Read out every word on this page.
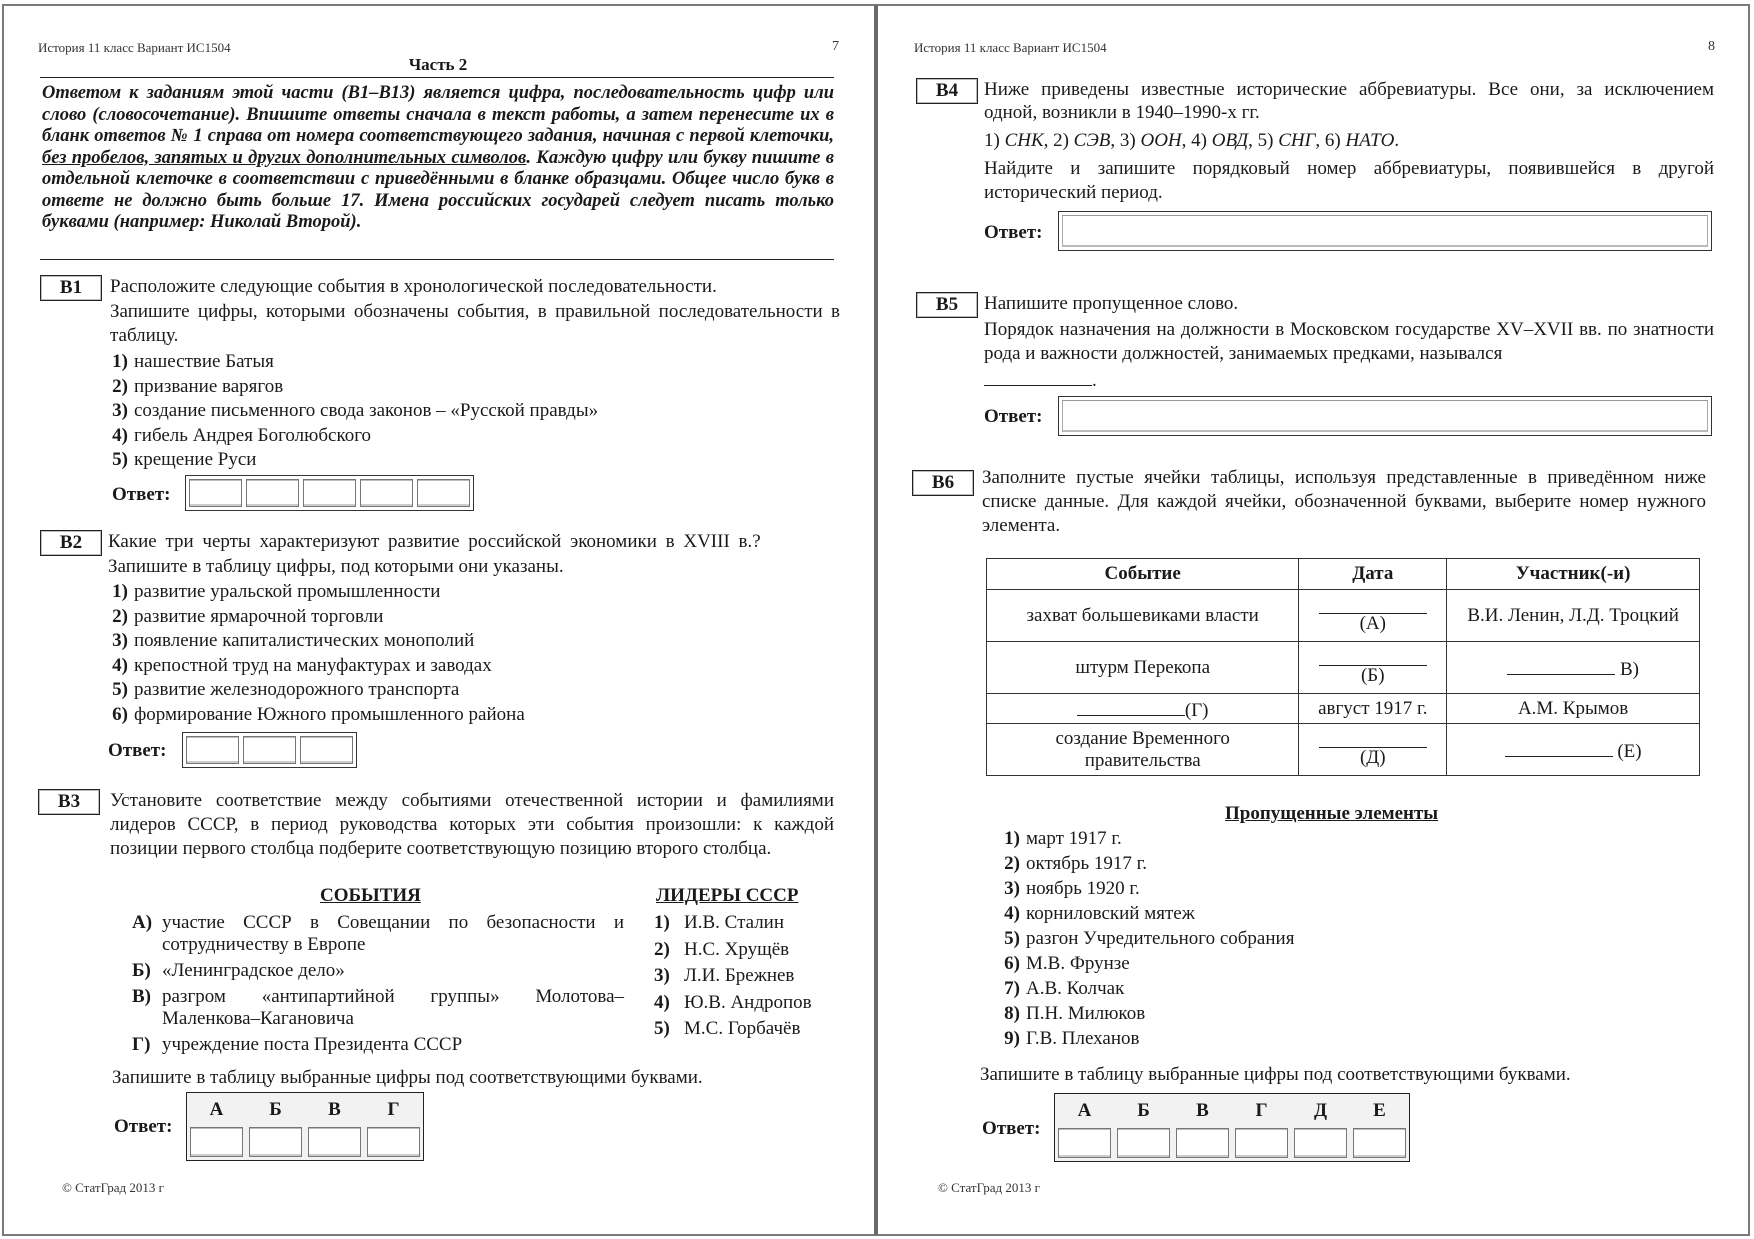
История 11 класс Вариант ИС1504	7
Часть 2
Ответом к заданиям этой части (В1–В13) является цифра, последовательность цифр или слово (словосочетание). Впишите ответы сначала в текст работы, а затем перенесите их в бланк ответов № 1 справа от номера соответствующего задания, начиная с первой клеточки, без пробелов, запятых и других дополнительных символов. Каждую цифру или букву пишите в отдельной клеточке в соответствии с приведёнными в бланке образцами. Общее число букв в ответе не должно быть больше 17. Имена российских государей следует писать только буквами (например: Николай Второй).
В1	Расположите следующие события в хронологической последовательности.
Запишите цифры, которыми обозначены события, в правильной последовательности в таблицу.
1) нашествие Батыя
2) призвание варягов
3) создание письменного свода законов – «Русской правды»
4) гибель Андрея Боголюбского
5) крещение Руси
Ответ:
В2	Какие три черты характеризуют развитие российской экономики в XVIII в.?
Запишите в таблицу цифры, под которыми они указаны.
1) развитие уральской промышленности
2) развитие ярмарочной торговли
3) появление капиталистических монополий
4) крепостной труд на мануфактурах и заводах
5) развитие железнодорожного транспорта
6) формирование Южного промышленного района
Ответ:
В3	Установите соответствие между событиями отечественной истории и фамилиями лидеров СССР, в период руководства которых эти события произошли: к каждой позиции первого столбца подберите соответствующую позицию второго столбца.
СОБЫТИЯ	ЛИДЕРЫ СССР
А) участие СССР в Совещании по безопасности и сотрудничеству в Европе
Б) «Ленинградское дело»
В) разгром «антипартийной группы» Молотова–Маленкова–Кагановича
Г) учреждение поста Президента СССР
1) И.В. Сталин
2) Н.С. Хрущёв
3) Л.И. Брежнев
4) Ю.В. Андропов
5) М.С. Горбачёв
Запишите в таблицу выбранные цифры под соответствующими буквами.
Ответ:
А	Б	В	Г
© СтатГрад 2013 г
История 11 класс Вариант ИС1504	8
В4	Ниже приведены известные исторические аббревиатуры. Все они, за исключением одной, возникли в 1940–1990-х гг.
1) СНК, 2) СЭВ, 3) ООН, 4) ОВД, 5) СНГ, 6) НАТО.
Найдите и запишите порядковый номер аббревиатуры, появившейся в другой исторический период.
Ответ:
В5	Напишите пропущенное слово.
Порядок назначения на должности в Московском государстве XV–XVII вв. по знатности рода и важности должностей, занимаемых предками, назывался
.
Ответ:
В6	Заполните пустые ячейки таблицы, используя представленные в приведённом ниже списке данные. Для каждой ячейки, обозначенной буквами, выберите номер нужного элемента.
Событие	Дата	Участник(-и)
захват большевиками власти	(А)	В.И. Ленин, Л.Д. Троцкий
штурм Перекопа	(Б)	В)
(Г)	август 1917 г.	А.М. Крымов
создание Временного правительства	(Д)	(Е)
Пропущенные элементы
1) март 1917 г.
2) октябрь 1917 г.
3) ноябрь 1920 г.
4) корниловский мятеж
5) разгон Учредительного собрания
6) М.В. Фрунзе
7) А.В. Колчак
8) П.Н. Милюков
9) Г.В. Плеханов
Запишите в таблицу выбранные цифры под соответствующими буквами.
Ответ:
А	Б	В	Г	Д	Е
© СтатГрад 2013 г
